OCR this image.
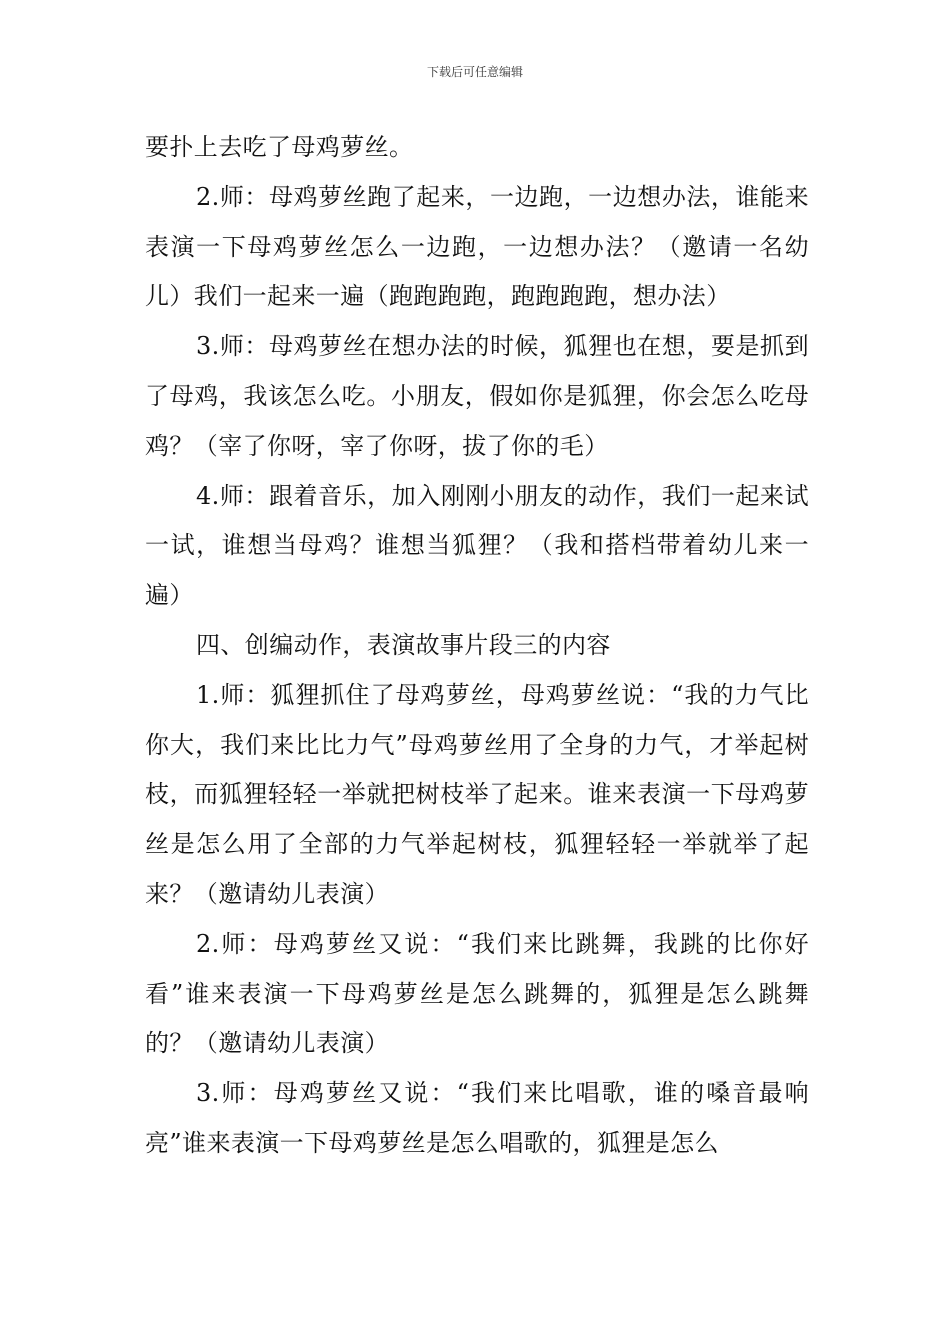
下载后可任意编辑

要扑上去吃了母鸡萝丝。

2.师：母鸡萝丝跑了起来，一边跑，一边想办法，谁能来表演一下母鸡萝丝怎么一边跑，一边想办法？（邀请一名幼儿）我们一起来一遍（跑跑跑跑，跑跑跑跑，想办法）

3.师：母鸡萝丝在想办法的时候，狐狸也在想，要是抓到了母鸡，我该怎么吃。小朋友，假如你是狐狸，你会怎么吃母鸡？（宰了你呀，宰了你呀，拔了你的毛）

4.师：跟着音乐，加入刚刚小朋友的动作，我们一起来试一试，谁想当母鸡？谁想当狐狸？（我和搭档带着幼儿来一遍）

四、创编动作，表演故事片段三的内容

1.师：狐狸抓住了母鸡萝丝，母鸡萝丝说：“我的力气比你大，我们来比比力气”母鸡萝丝用了全身的力气，才举起树枝，而狐狸轻轻一举就把树枝举了起来。谁来表演一下母鸡萝丝是怎么用了全部的力气举起树枝，狐狸轻轻一举就举了起来？（邀请幼儿表演）

2.师：母鸡萝丝又说：“我们来比跳舞，我跳的比你好看”谁来表演一下母鸡萝丝是怎么跳舞的，狐狸是怎么跳舞的？（邀请幼儿表演）

3.师：母鸡萝丝又说：“我们来比唱歌，谁的嗓音最响亮”谁来表演一下母鸡萝丝是怎么唱歌的，狐狸是怎么
